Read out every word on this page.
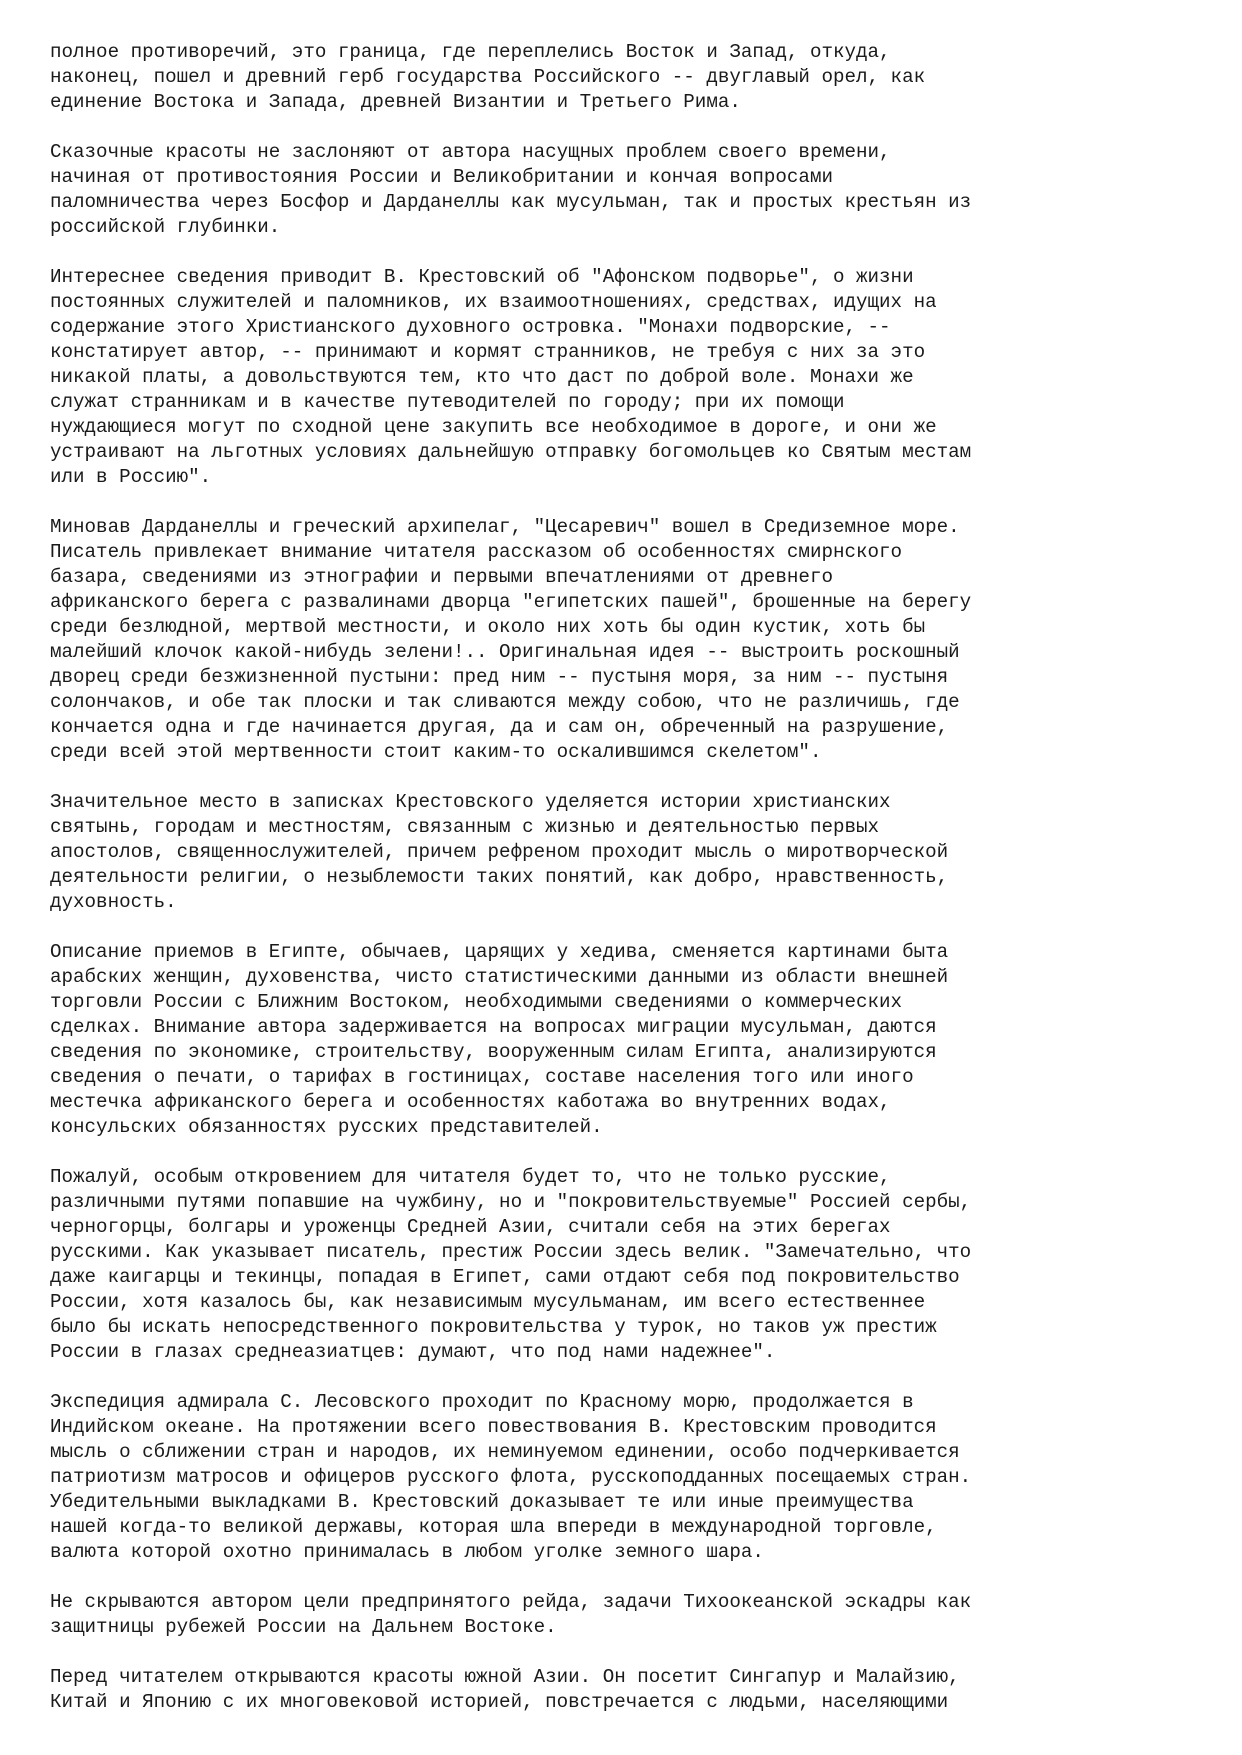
полное противоречий, это граница, где переплелись Восток и Запад, откуда,
наконец, пошел и древний герб государства Российского -- двуглавый орел, как
единение Востока и Запада, древней Византии и Третьего Рима.
Сказочные красоты не заслоняют от автора насущных проблем своего времени,
начиная от противостояния России и Великобритании и кончая вопросами
паломничества через Босфор и Дарданеллы как мусульман, так и простых крестьян из
российской глубинки.
Интереснее сведения приводит В. Крестовский об "Афонском подворье", о жизни
постоянных служителей и паломников, их взаимоотношениях, средствах, идущих на
содержание этого Христианского духовного островка. "Монахи подворские, --
констатирует автор, -- принимают и кормят странников, не требуя с них за это
никакой платы, а довольствуются тем, кто что даст по доброй воле. Монахи же
служат странникам и в качестве путеводителей по городу; при их помощи
нуждающиеся могут по сходной цене закупить все необходимое в дороге, и они же
устраивают на льготных условиях дальнейшую отправку богомольцев ко Святым местам
или в Россию".
Миновав Дарданеллы и греческий архипелаг, "Цесаревич" вошел в Средиземное море.
Писатель привлекает внимание читателя рассказом об особенностях смирнского
базара, сведениями из этнографии и первыми впечатлениями от древнего
африканского берега с развалинами дворца "египетских пашей", брошенные на берегу
среди безлюдной, мертвой местности, и около них хоть бы один кустик, хоть бы
малейший клочок какой-нибудь зелени!.. Оригинальная идея -- выстроить роскошный
дворец среди безжизненной пустыни: пред ним -- пустыня моря, за ним -- пустыня
солончаков, и обе так плоски и так сливаются между собою, что не различишь, где
кончается одна и где начинается другая, да и сам он, обреченный на разрушение,
среди всей этой мертвенности стоит каким-то оскалившимся скелетом".
Значительное место в записках Крестовского уделяется истории христианских
святынь, городам и местностям, связанным с жизнью и деятельностью первых
апостолов, священнослужителей, причем рефреном проходит мысль о миротворческой
деятельности религии, о незыблемости таких понятий, как добро, нравственность,
духовность.
Описание приемов в Египте, обычаев, царящих у хедива, сменяется картинами быта
арабских женщин, духовенства, чисто статистическими данными из области внешней
торговли России с Ближним Востоком, необходимыми сведениями о коммерческих
сделках. Внимание автора задерживается на вопросах миграции мусульман, даются
сведения по экономике, строительству, вооруженным силам Египта, анализируются
сведения о печати, о тарифах в гостиницах, составе населения того или иного
местечка африканского берега и особенностях каботажа во внутренних водах,
консульских обязанностях русских представителей.
Пожалуй, особым откровением для читателя будет то, что не только русские,
различными путями попавшие на чужбину, но и "покровительствуемые" Россией сербы,
черногорцы, болгары и уроженцы Средней Азии, считали себя на этих берегах
русскими. Как указывает писатель, престиж России здесь велик. "Замечательно, что
даже каигарцы и текинцы, попадая в Египет, сами отдают себя под покровительство
России, хотя казалось бы, как независимым мусульманам, им всего естественнее
было бы искать непосредственного покровительства у турок, но таков уж престиж
России в глазах среднеазиатцев: думают, что под нами надежнее".
Экспедиция адмирала С. Лесовского проходит по Красному морю, продолжается в
Индийском океане. На протяжении всего повествования В. Крестовским проводится
мысль о сближении стран и народов, их неминуемом единении, особо подчеркивается
патриотизм матросов и офицеров русского флота, русскоподданных посещаемых стран.
Убедительными выкладками В. Крестовский доказывает те или иные преимущества
нашей когда-то великой державы, которая шла впереди в международной торговле,
валюта которой охотно принималась в любом уголке земного шара.
Не скрываются автором цели предпринятого рейда, задачи Тихоокеанской эскадры как
защитницы рубежей России на Дальнем Востоке.
Перед читателем открываются красоты южной Азии. Он посетит Сингапур и Малайзию,
Китай и Японию с их многовековой историей, повстречается с людьми, населяющими
